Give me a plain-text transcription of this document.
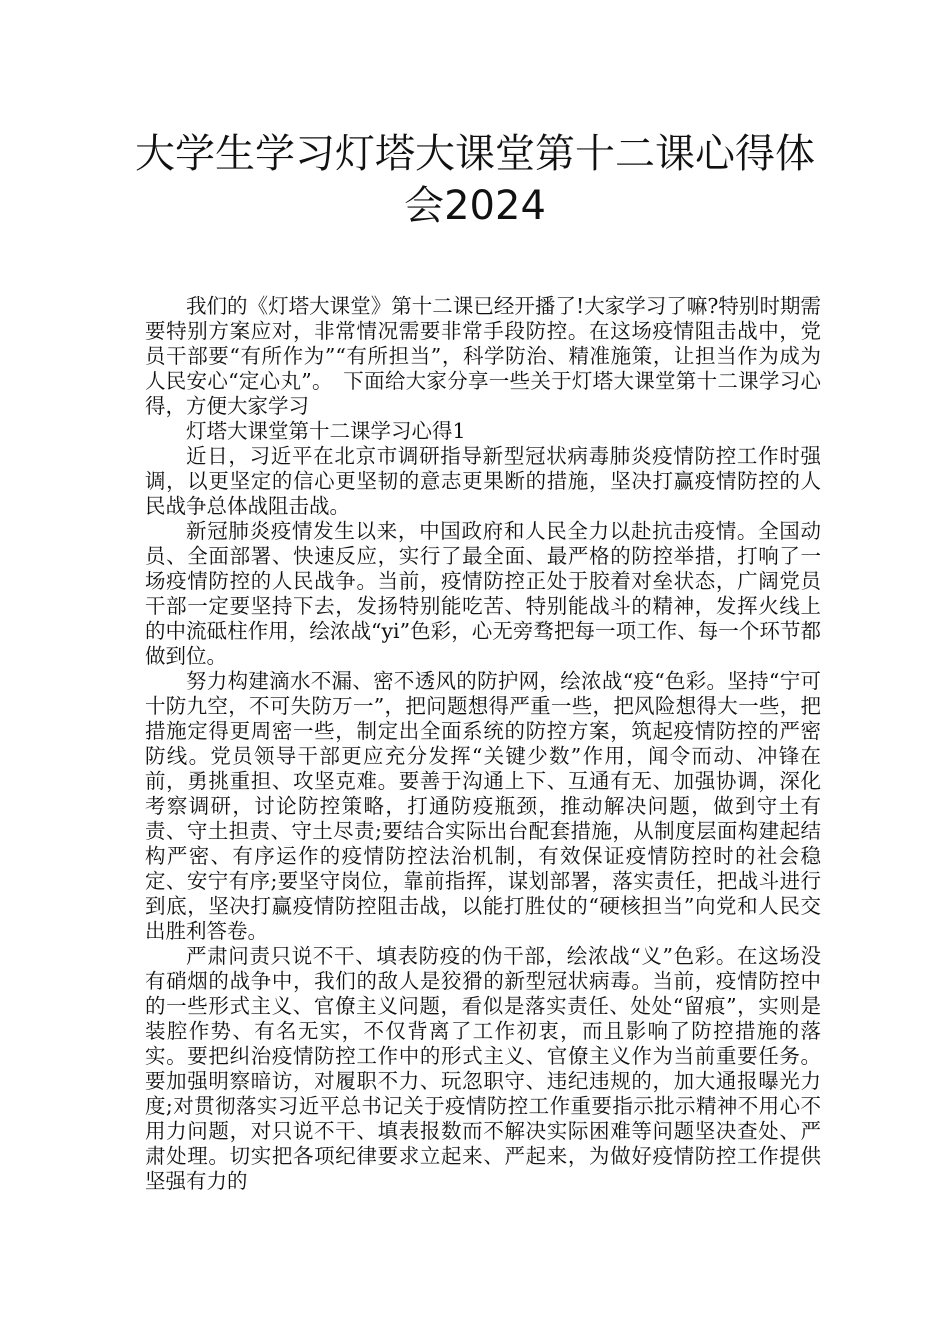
大学生学习灯塔大课堂第十二课心得体
会2024

我们的《灯塔大课堂》第十二课已经开播了!大家学习了嘛?特别时期需要特别方案应对，非常情况需要非常手段防控。在这场疫情阻击战中，党员干部要“有所作为”“有所担当”，科学防治、精准施策，让担当作为成为人民安心“定心丸”。　下面给大家分享一些关于灯塔大课堂第十二课学习心得，方便大家学习

灯塔大课堂第十二课学习心得1

近日，习近平在北京市调研指导新型冠状病毒肺炎疫情防控工作时强调，以更坚定的信心更坚韧的意志更果断的措施，坚决打赢疫情防控的人民战争总体战阻击战。

新冠肺炎疫情发生以来，中国政府和人民全力以赴抗击疫情。全国动员、全面部署、快速反应，实行了最全面、最严格的防控举措，打响了一场疫情防控的人民战争。当前，疫情防控正处于胶着对垒状态，广阔党员干部一定要坚持下去，发扬特别能吃苦、特别能战斗的精神，发挥火线上的中流砥柱作用，绘浓战“yi”色彩，心无旁骛把每一项工作、每一个环节都做到位。

努力构建滴水不漏、密不透风的防护网，绘浓战“疫“色彩。坚持“宁可十防九空，不可失防万一”，把问题想得严重一些，把风险想得大一些，把措施定得更周密一些，制定出全面系统的防控方案，筑起疫情防控的严密防线。党员领导干部更应充分发挥“关键少数”作用，闻令而动、冲锋在前，勇挑重担、攻坚克难。要善于沟通上下、互通有无、加强协调，深化考察调研，讨论防控策略，打通防疫瓶颈，推动解决问题，做到守土有责、守土担责、守土尽责;要结合实际出台配套措施，从制度层面构建起结构严密、有序运作的疫情防控法治机制，有效保证疫情防控时的社会稳定、安宁有序;要坚守岗位，靠前指挥，谋划部署，落实责任，把战斗进行到底，坚决打赢疫情防控阻击战，以能打胜仗的“硬核担当”向党和人民交出胜利答卷。

严肃问责只说不干、填表防疫的伪干部，绘浓战“义”色彩。在这场没有硝烟的战争中，我们的敌人是狡猾的新型冠状病毒。当前，疫情防控中的一些形式主义、官僚主义问题，看似是落实责任、处处“留痕”，实则是装腔作势、有名无实，不仅背离了工作初衷，而且影响了防控措施的落实。要把纠治疫情防控工作中的形式主义、官僚主义作为当前重要任务。要加强明察暗访，对履职不力、玩忽职守、违纪违规的，加大通报曝光力度;对贯彻落实习近平总书记关于疫情防控工作重要指示批示精神不用心不用力问题，对只说不干、填表报数而不解决实际困难等问题坚决查处、严肃处理。切实把各项纪律要求立起来、严起来，为做好疫情防控工作提供坚强有力的
